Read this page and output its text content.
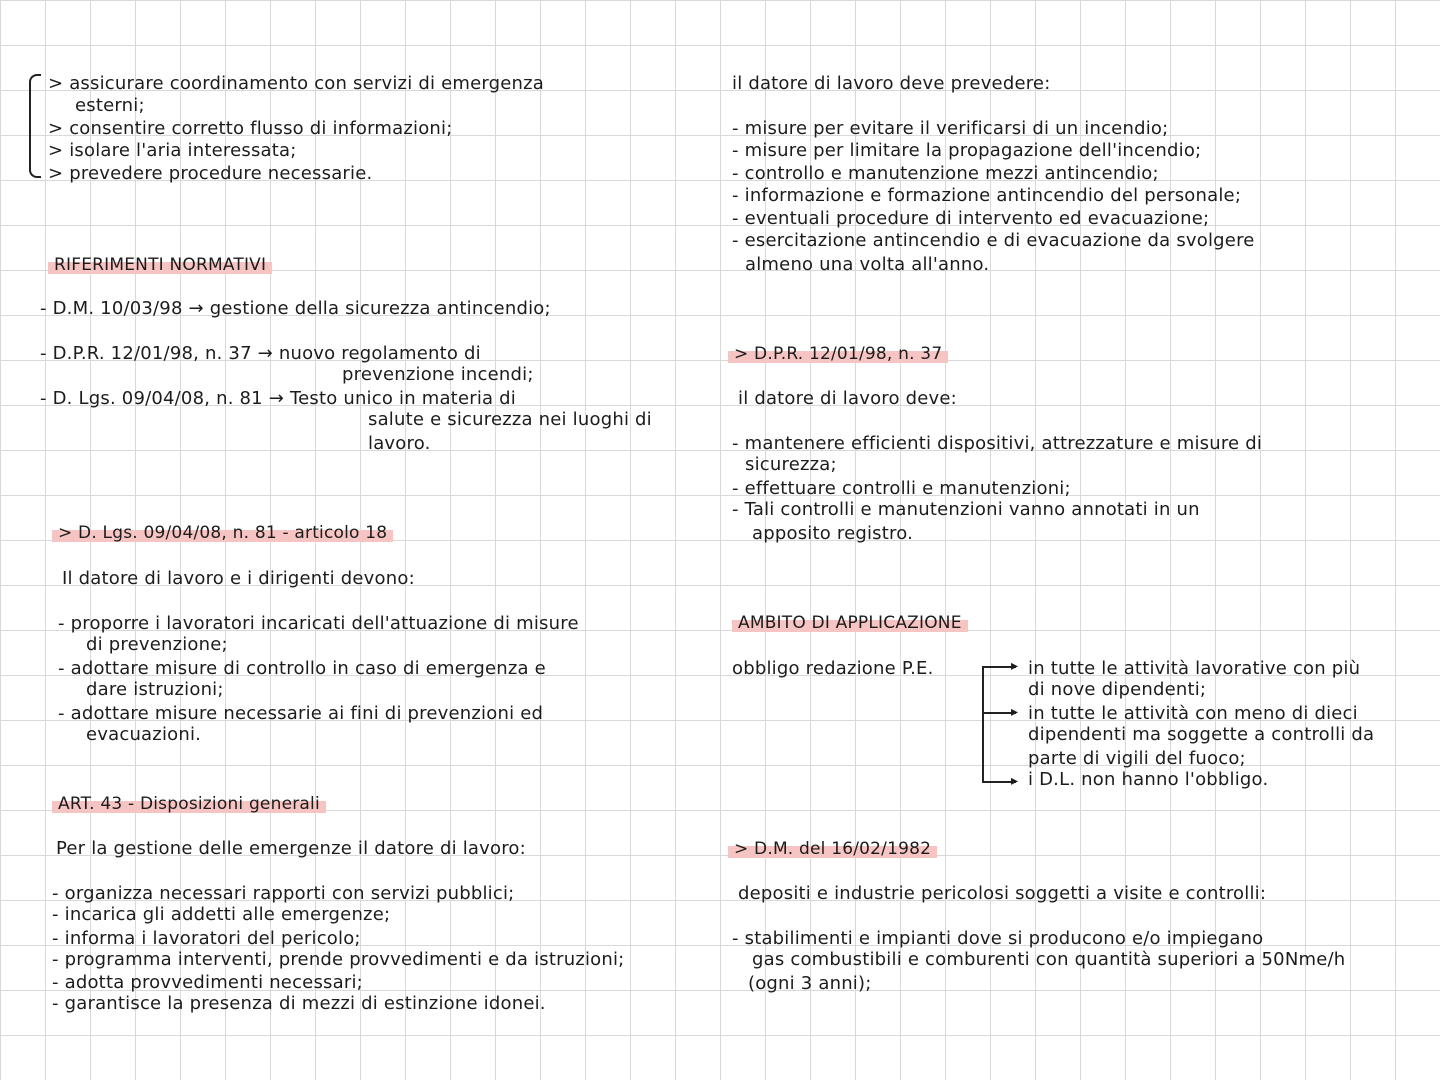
> assicurare coordinamento con servizi di emergenza
esterni;
> consentire corretto flusso di informazioni;
> isolare l'aria interessata;
> prevedere procedure necessarie.
RIFERIMENTI NORMATIVI
- D.M. 10/03/98 → gestione della sicurezza antincendio;
- D.P.R. 12/01/98, n. 37 → nuovo regolamento di
prevenzione incendi;
- D. Lgs. 09/04/08, n. 81 → Testo unico in materia di
salute e sicurezza nei luoghi di
lavoro.
> D. Lgs. 09/04/08, n. 81 - articolo 18
Il datore di lavoro e i dirigenti devono:
- proporre i lavoratori incaricati dell'attuazione di misure
di prevenzione;
- adottare misure di controllo in caso di emergenza e
dare istruzioni;
- adottare misure necessarie ai fini di prevenzioni ed
evacuazioni.
ART. 43 - Disposizioni generali
Per la gestione delle emergenze il datore di lavoro:
- organizza necessari rapporti con servizi pubblici;
- incarica gli addetti alle emergenze;
- informa i lavoratori del pericolo;
- programma interventi, prende provvedimenti e da istruzioni;
- adotta provvedimenti necessari;
- garantisce la presenza di mezzi di estinzione idonei.
il datore di lavoro deve prevedere:
- misure per evitare il verificarsi di un incendio;
- misure per limitare la propagazione dell'incendio;
- controllo e manutenzione mezzi antincendio;
- informazione e formazione antincendio del personale;
- eventuali procedure di intervento ed evacuazione;
- esercitazione antincendio e di evacuazione da svolgere
almeno una volta all'anno.
> D.P.R. 12/01/98, n. 37
il datore di lavoro deve:
- mantenere efficienti dispositivi, attrezzature e misure di
sicurezza;
- effettuare controlli e manutenzioni;
- Tali controlli e manutenzioni vanno annotati in un
apposito registro.
AMBITO DI APPLICAZIONE
obbligo redazione P.E.	▸
▸
▸
in tutte le attività lavorative con più
di nove dipendenti;
in tutte le attività con meno di dieci
dipendenti ma soggette a controlli da
parte di vigili del fuoco;
i D.L. non hanno l'obbligo.
> D.M. del 16/02/1982
depositi e industrie pericolosi soggetti a visite e controlli:
- stabilimenti e impianti dove si producono e/o impiegano
gas combustibili e comburenti con quantità superiori a 50Nme/h
(ogni 3 anni);
